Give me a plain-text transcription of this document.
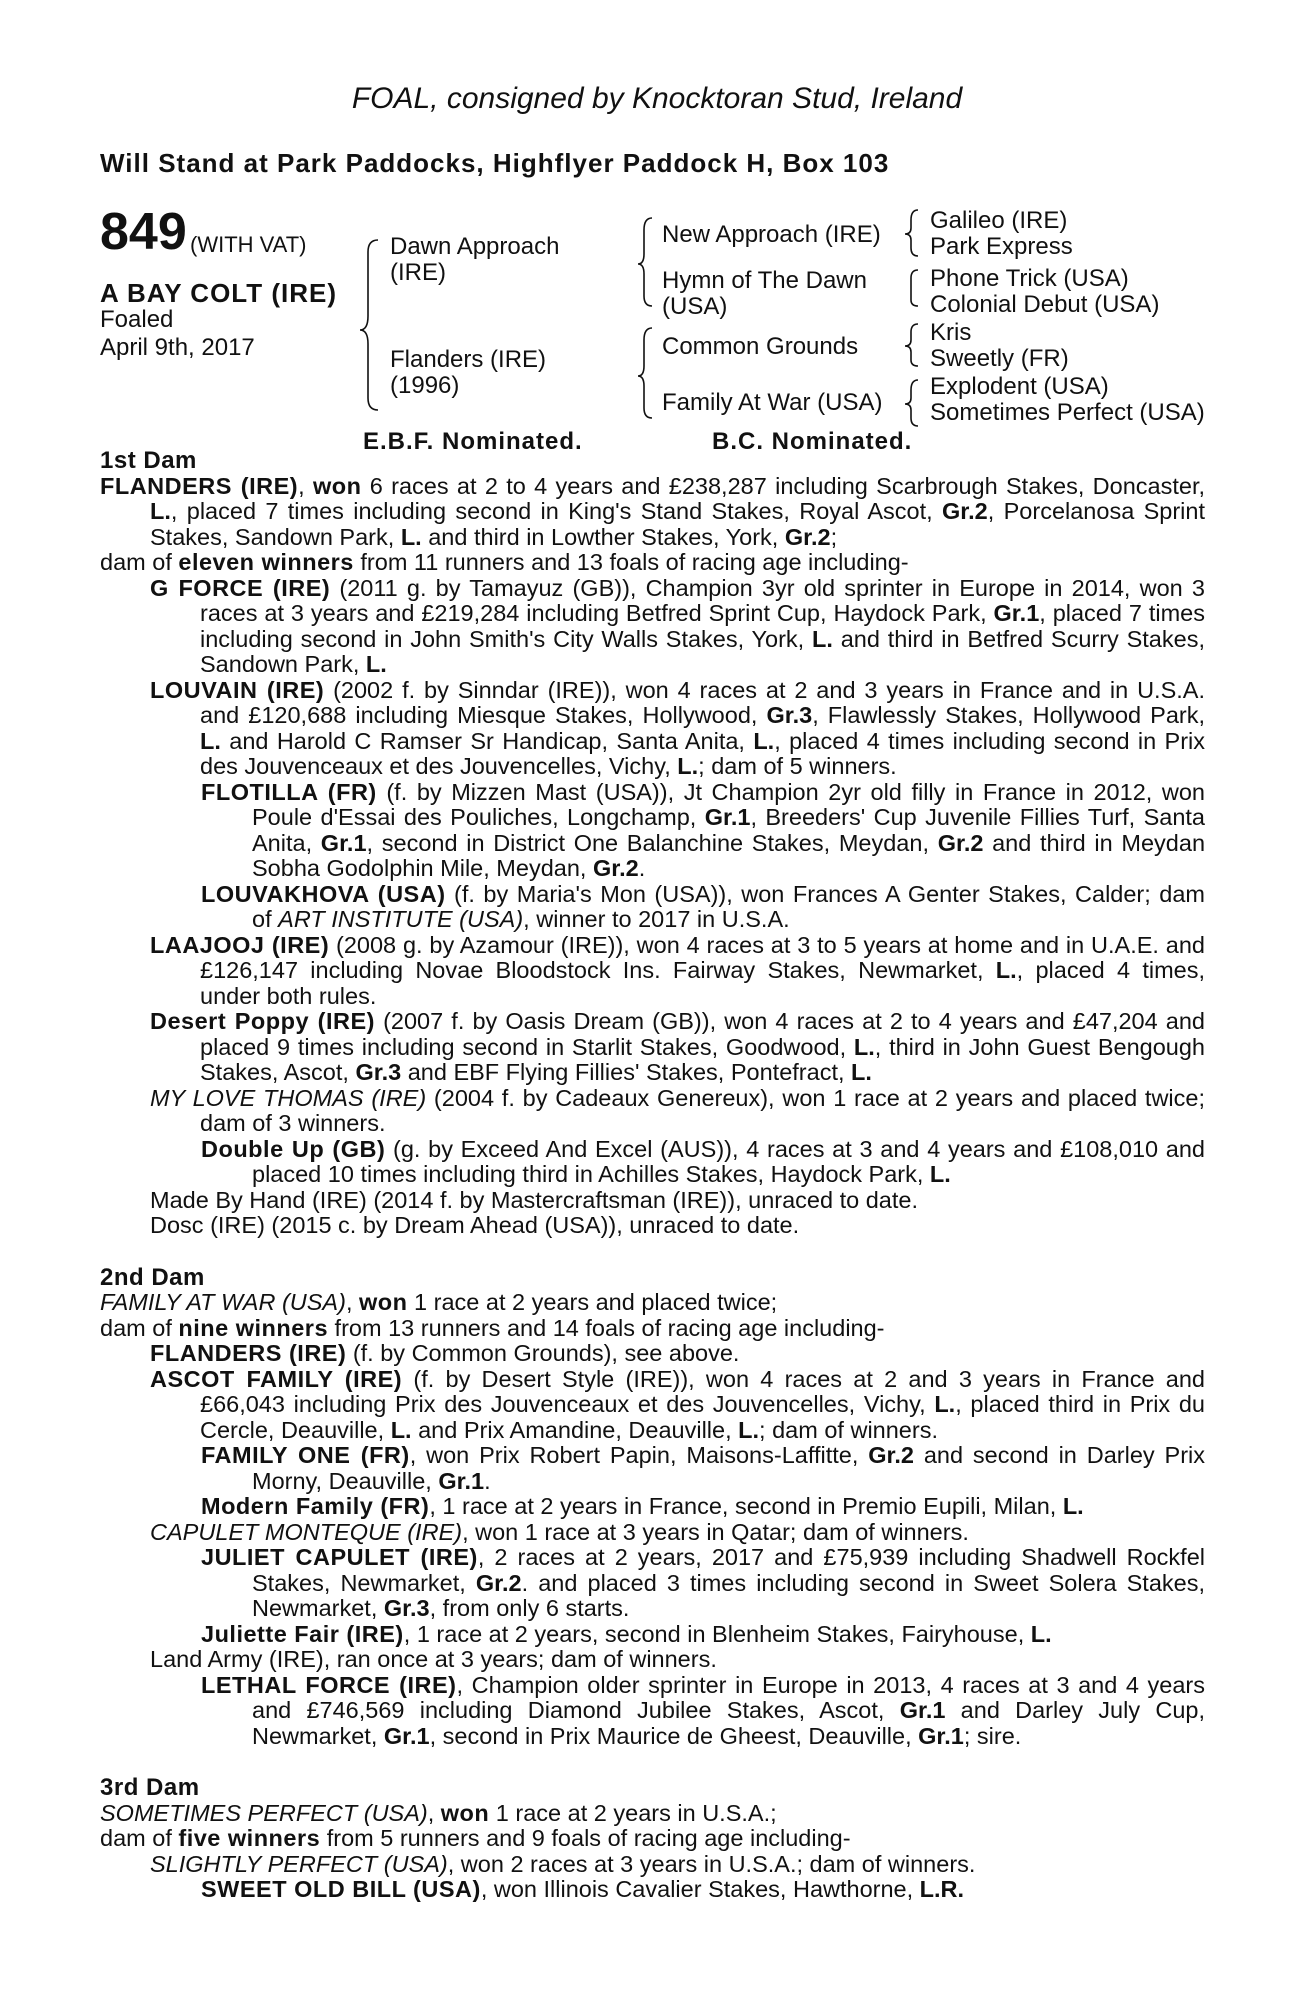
FOAL, consigned by Knocktoran Stud, Ireland
Will Stand at Park Paddocks, Highflyer Paddock H, Box 103
849 (WITH VAT)
A BAY COLT (IRE)
Foaled
April 9th, 2017
Dawn Approach
(IRE)
Flanders (IRE)
(1996)
New Approach (IRE)
Hymn of The Dawn
(USA)
Common Grounds
Family At War (USA)
Galileo (IRE)
Park Express
Phone Trick (USA)
Colonial Debut (USA)
Kris
Sweetly (FR)
Explodent (USA)
Sometimes Perfect (USA)
E.B.F. Nominated.	B.C. Nominated.
1st Dam
FLANDERS (IRE), won 6 races at 2 to 4 years and £238,287 including Scarbrough Stakes, Doncaster, L., placed 7 times including second in King's Stand Stakes, Royal Ascot, Gr.2, Porcelanosa Sprint Stakes, Sandown Park, L. and third in Lowther Stakes, York, Gr.2;
dam of eleven winners from 11 runners and 13 foals of racing age including-
G FORCE (IRE) (2011 g. by Tamayuz (GB)), Champion 3yr old sprinter in Europe in 2014, won 3 races at 3 years and £219,284 including Betfred Sprint Cup, Haydock Park, Gr.1, placed 7 times including second in John Smith's City Walls Stakes, York, L. and third in Betfred Scurry Stakes, Sandown Park, L.
LOUVAIN (IRE) (2002 f. by Sinndar (IRE)), won 4 races at 2 and 3 years in France and in U.S.A. and £120,688 including Miesque Stakes, Hollywood, Gr.3, Flawlessly Stakes, Hollywood Park, L. and Harold C Ramser Sr Handicap, Santa Anita, L., placed 4 times including second in Prix des Jouvenceaux et des Jouvencelles, Vichy, L.; dam of 5 winners.
FLOTILLA (FR) (f. by Mizzen Mast (USA)), Jt Champion 2yr old filly in France in 2012, won Poule d'Essai des Pouliches, Longchamp, Gr.1, Breeders' Cup Juvenile Fillies Turf, Santa Anita, Gr.1, second in District One Balanchine Stakes, Meydan, Gr.2 and third in Meydan Sobha Godolphin Mile, Meydan, Gr.2.
LOUVAKHOVA (USA) (f. by Maria's Mon (USA)), won Frances A Genter Stakes, Calder; dam of ART INSTITUTE (USA), winner to 2017 in U.S.A.
LAAJOOJ (IRE) (2008 g. by Azamour (IRE)), won 4 races at 3 to 5 years at home and in U.A.E. and £126,147 including Novae Bloodstock Ins. Fairway Stakes, Newmarket, L., placed 4 times, under both rules.
Desert Poppy (IRE) (2007 f. by Oasis Dream (GB)), won 4 races at 2 to 4 years and £47,204 and placed 9 times including second in Starlit Stakes, Goodwood, L., third in John Guest Bengough Stakes, Ascot, Gr.3 and EBF Flying Fillies' Stakes, Pontefract, L.
MY LOVE THOMAS (IRE) (2004 f. by Cadeaux Genereux), won 1 race at 2 years and placed twice; dam of 3 winners.
Double Up (GB) (g. by Exceed And Excel (AUS)), 4 races at 3 and 4 years and £108,010 and placed 10 times including third in Achilles Stakes, Haydock Park, L.
Made By Hand (IRE) (2014 f. by Mastercraftsman (IRE)), unraced to date.
Dosc (IRE) (2015 c. by Dream Ahead (USA)), unraced to date.
2nd Dam
FAMILY AT WAR (USA), won 1 race at 2 years and placed twice;
dam of nine winners from 13 runners and 14 foals of racing age including-
FLANDERS (IRE) (f. by Common Grounds), see above.
ASCOT FAMILY (IRE) (f. by Desert Style (IRE)), won 4 races at 2 and 3 years in France and £66,043 including Prix des Jouvenceaux et des Jouvencelles, Vichy, L., placed third in Prix du Cercle, Deauville, L. and Prix Amandine, Deauville, L.; dam of winners.
FAMILY ONE (FR), won Prix Robert Papin, Maisons-Laffitte, Gr.2 and second in Darley Prix Morny, Deauville, Gr.1.
Modern Family (FR), 1 race at 2 years in France, second in Premio Eupili, Milan, L.
CAPULET MONTEQUE (IRE), won 1 race at 3 years in Qatar; dam of winners.
JULIET CAPULET (IRE), 2 races at 2 years, 2017 and £75,939 including Shadwell Rockfel Stakes, Newmarket, Gr.2. and placed 3 times including second in Sweet Solera Stakes, Newmarket, Gr.3, from only 6 starts.
Juliette Fair (IRE), 1 race at 2 years, second in Blenheim Stakes, Fairyhouse, L.
Land Army (IRE), ran once at 3 years; dam of winners.
LETHAL FORCE (IRE), Champion older sprinter in Europe in 2013, 4 races at 3 and 4 years and £746,569 including Diamond Jubilee Stakes, Ascot, Gr.1 and Darley July Cup, Newmarket, Gr.1, second in Prix Maurice de Gheest, Deauville, Gr.1; sire.
3rd Dam
SOMETIMES PERFECT (USA), won 1 race at 2 years in U.S.A.;
dam of five winners from 5 runners and 9 foals of racing age including-
SLIGHTLY PERFECT (USA), won 2 races at 3 years in U.S.A.; dam of winners.
SWEET OLD BILL (USA), won Illinois Cavalier Stakes, Hawthorne, L.R.
